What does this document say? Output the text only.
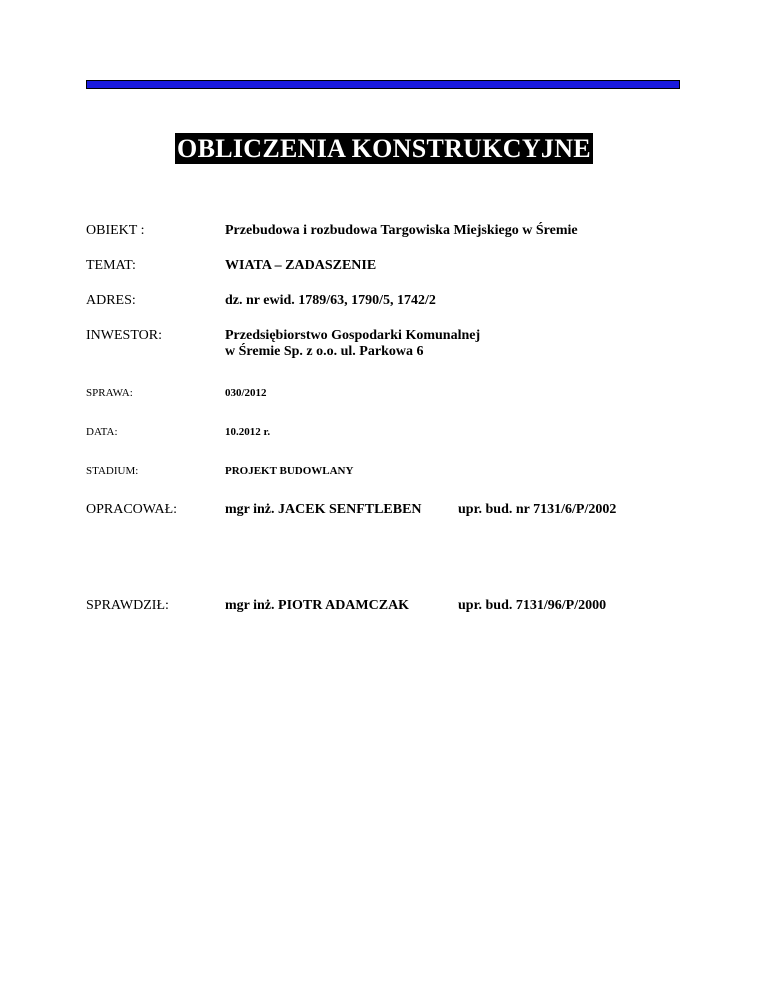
OBLICZENIA KONSTRUKCYJNE
OBIEKT :	Przebudowa i rozbudowa Targowiska Miejskiego w Śremie
TEMAT:	WIATA – ZADASZENIE
ADRES:	dz. nr ewid. 1789/63, 1790/5, 1742/2
INWESTOR:	Przedsiębiorstwo Gospodarki Komunalnej
w Śremie Sp. z o.o. ul. Parkowa 6
SPRAWA:	030/2012
DATA:	10.2012 r.
STADIUM:	PROJEKT BUDOWLANY
OPRACOWAŁ:	mgr inż. JACEK SENFTLEBEN	upr. bud. nr 7131/6/P/2002
SPRAWDZIŁ:	mgr inż. PIOTR ADAMCZAK	upr. bud. 7131/96/P/2000
